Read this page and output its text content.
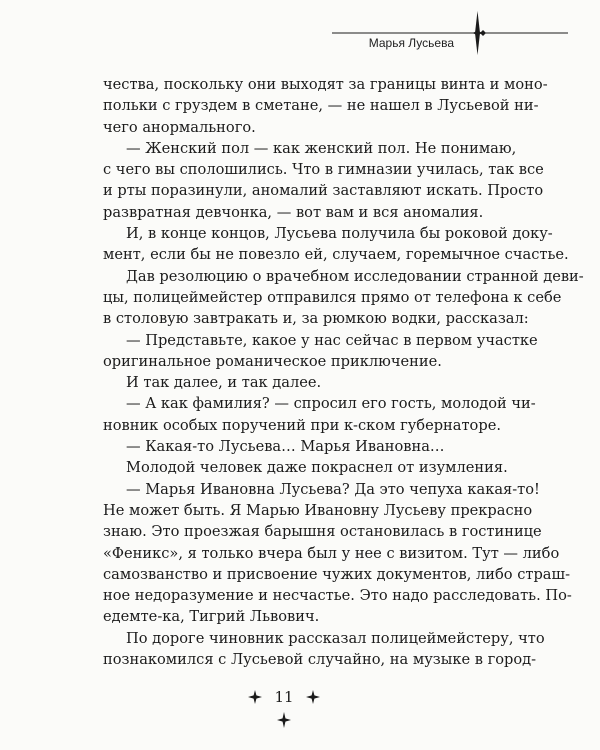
Марья Лусьева
чества, поскольку они выходят за границы винта и моно-
польки с груздем в сметане, — не нашел в Лусьевой ни-
чего анормального.
— Женский пол — как женский пол. Не понимаю,
с чего вы сполошились. Что в гимназии училась, так все
и рты поразинули, аномалий заставляют искать. Просто
развратная девчонка, — вот вам и вся аномалия.
И, в конце концов, Лусьева получила бы роковой доку-
мент, если бы не повезло ей, случаем, горемычное счастье.
Дав резолюцию о врачебном исследовании странной деви-
цы, полицеймейстер отправился прямо от телефона к себе
в столовую завтракать и, за рюмкою водки, рассказал:
— Представьте, какое у нас сейчас в первом участке
оригинальное романическое приключение.
И так далее, и так далее.
— А как фамилия? — спросил его гость, молодой чи-
новник особых поручений при к-ском губернаторе.
— Какая-то Лусьева… Марья Ивановна…
Молодой человек даже покраснел от изумления.
— Марья Ивановна Лусьева? Да это чепуха какая-то!
Не может быть. Я Марью Ивановну Лусьеву прекрасно
знаю. Это проезжая барышня остановилась в гостинице
«Феникс», я только вчера был у нее с визитом. Тут — либо
самозванство и присвоение чужих документов, либо страш-
ное недоразумение и несчастье. Это надо расследовать. По-
едемте-ка, Тигрий Львович.
По дороге чиновник рассказал полицеймейстеру, что
познакомился с Лусьевой случайно, на музыке в город-
11
